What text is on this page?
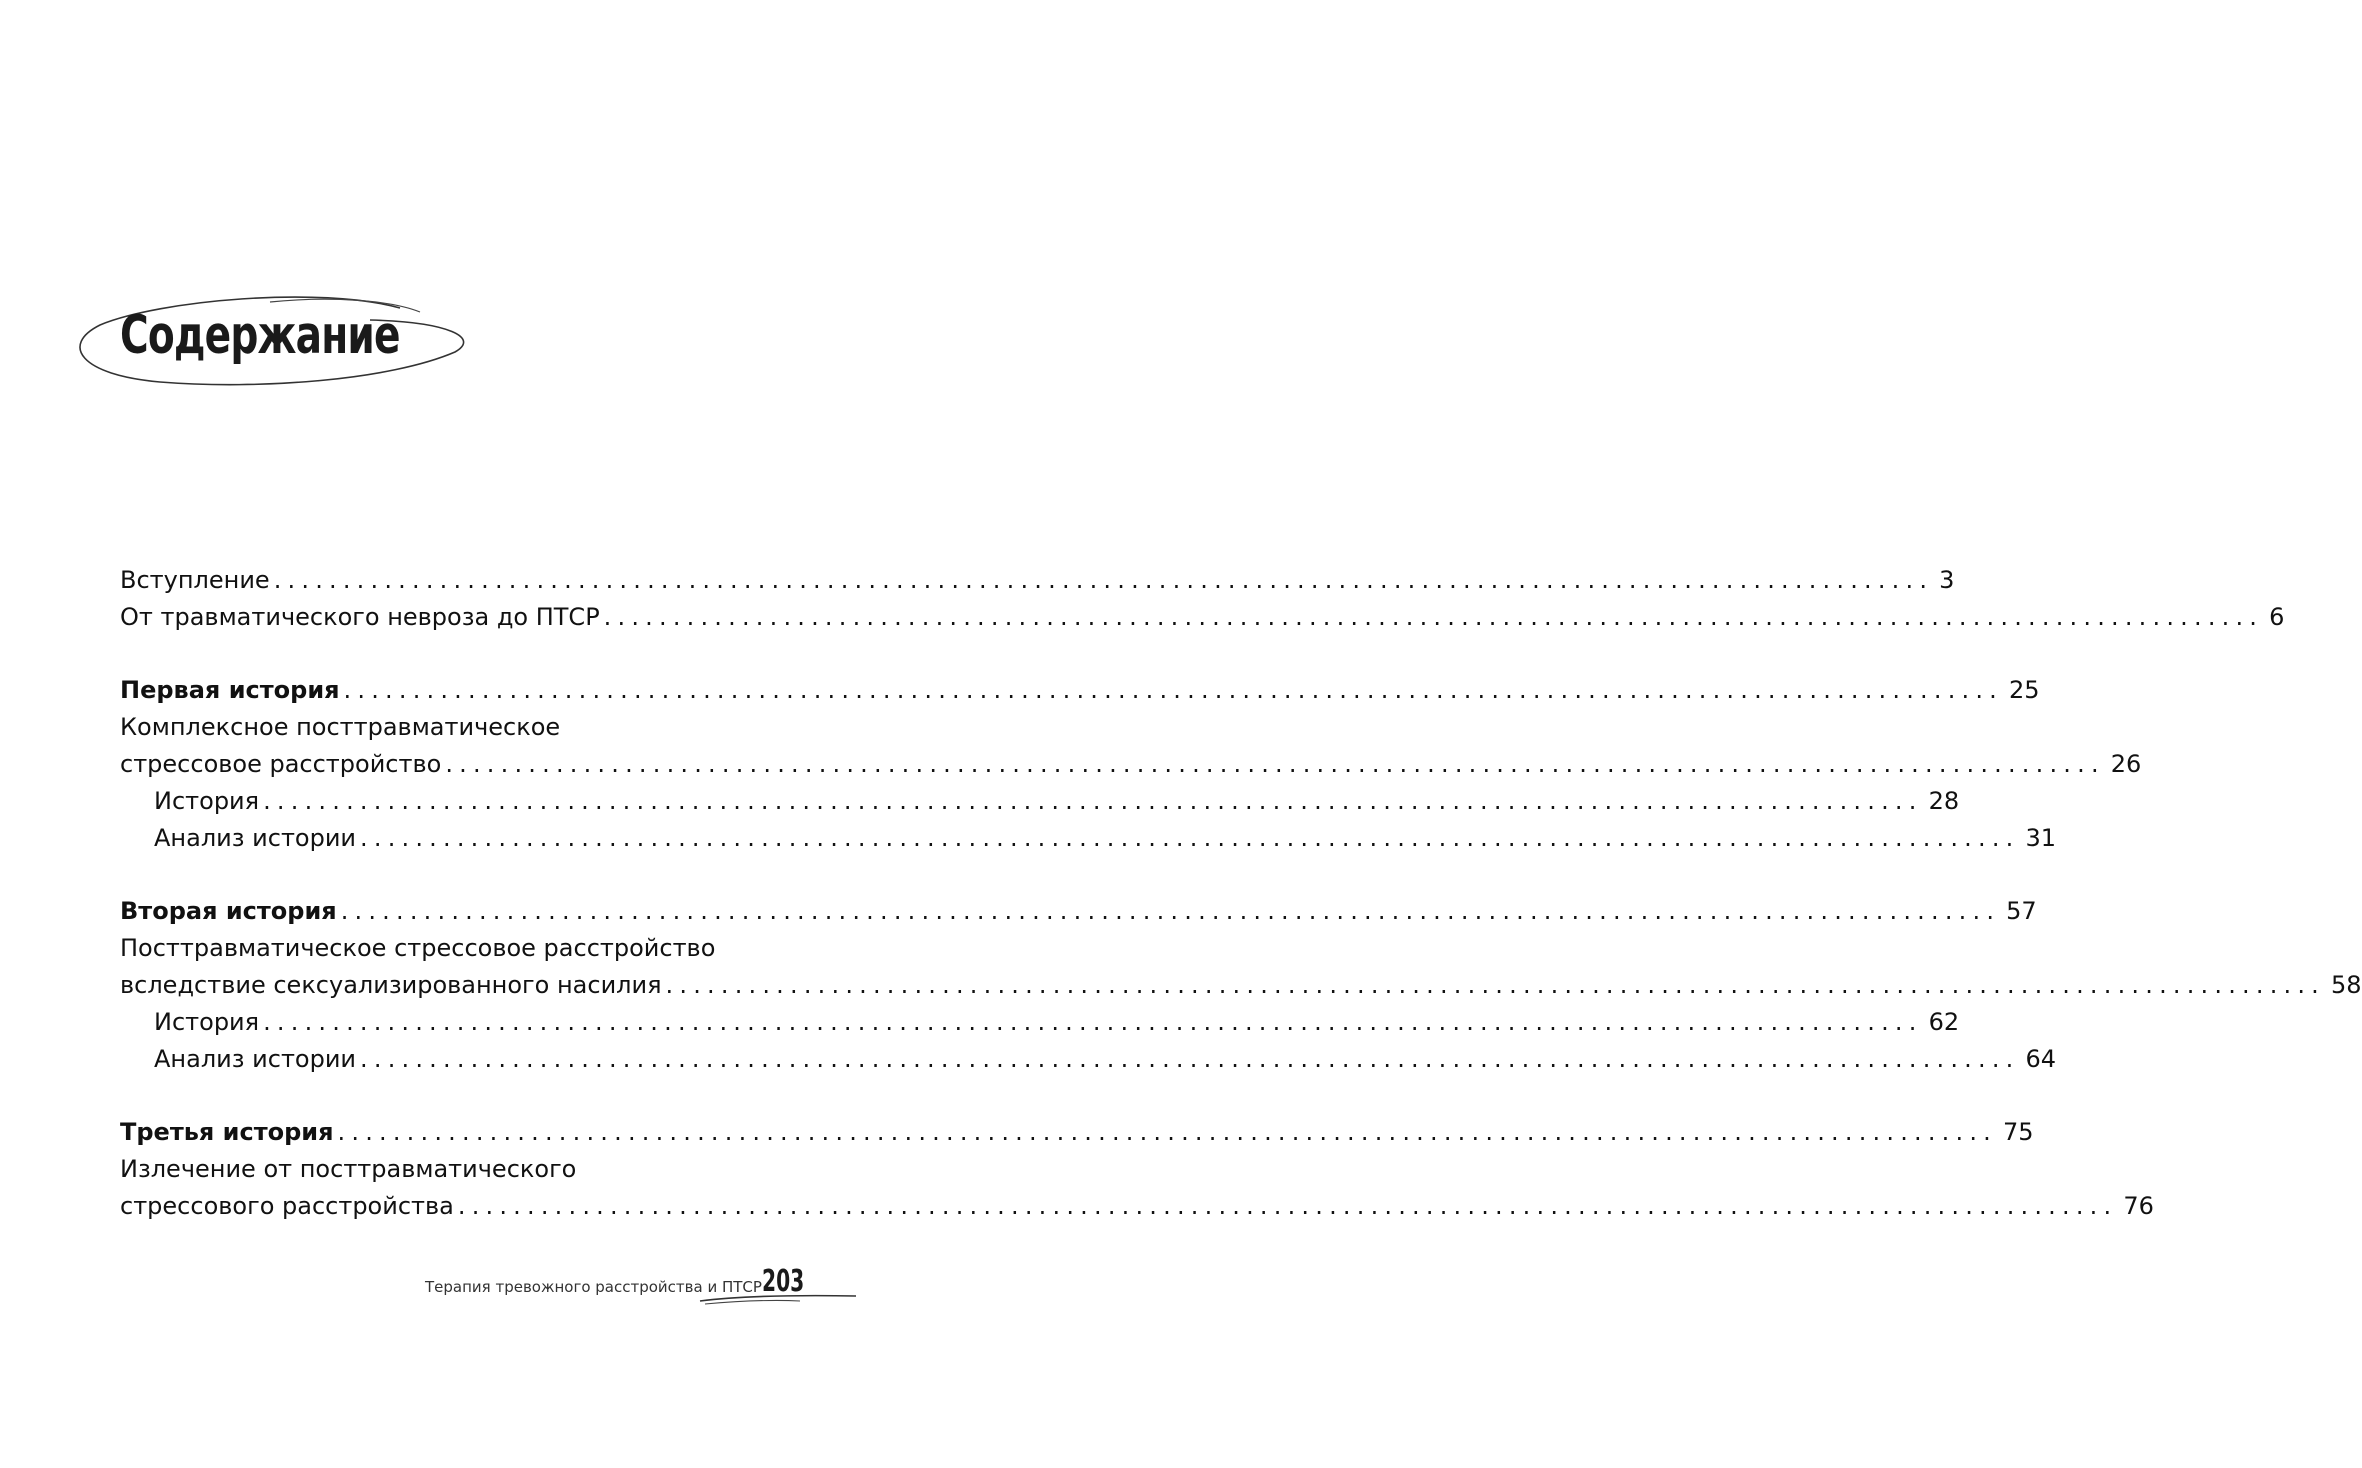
Содержание
Вступление ........................................................................................................................ 3
От травматического невроза до ПТСР ........................................................................................................................ 6
Первая история ........................................................................................................................ 25
Комплексное посттравматическое
стрессовое расстройство ........................................................................................................................ 26
История ........................................................................................................................ 28
Анализ истории ........................................................................................................................ 31
Вторая история ........................................................................................................................ 57
Посттравматическое стрессовое расстройство
вследствие сексуализированного насилия ........................................................................................................................ 58
История ........................................................................................................................ 62
Анализ истории ........................................................................................................................ 64
Третья история ........................................................................................................................ 75
Излечение от посттравматического
стрессового расстройства ........................................................................................................................ 76
Терапия тревожного расстройства и ПТСР 203
